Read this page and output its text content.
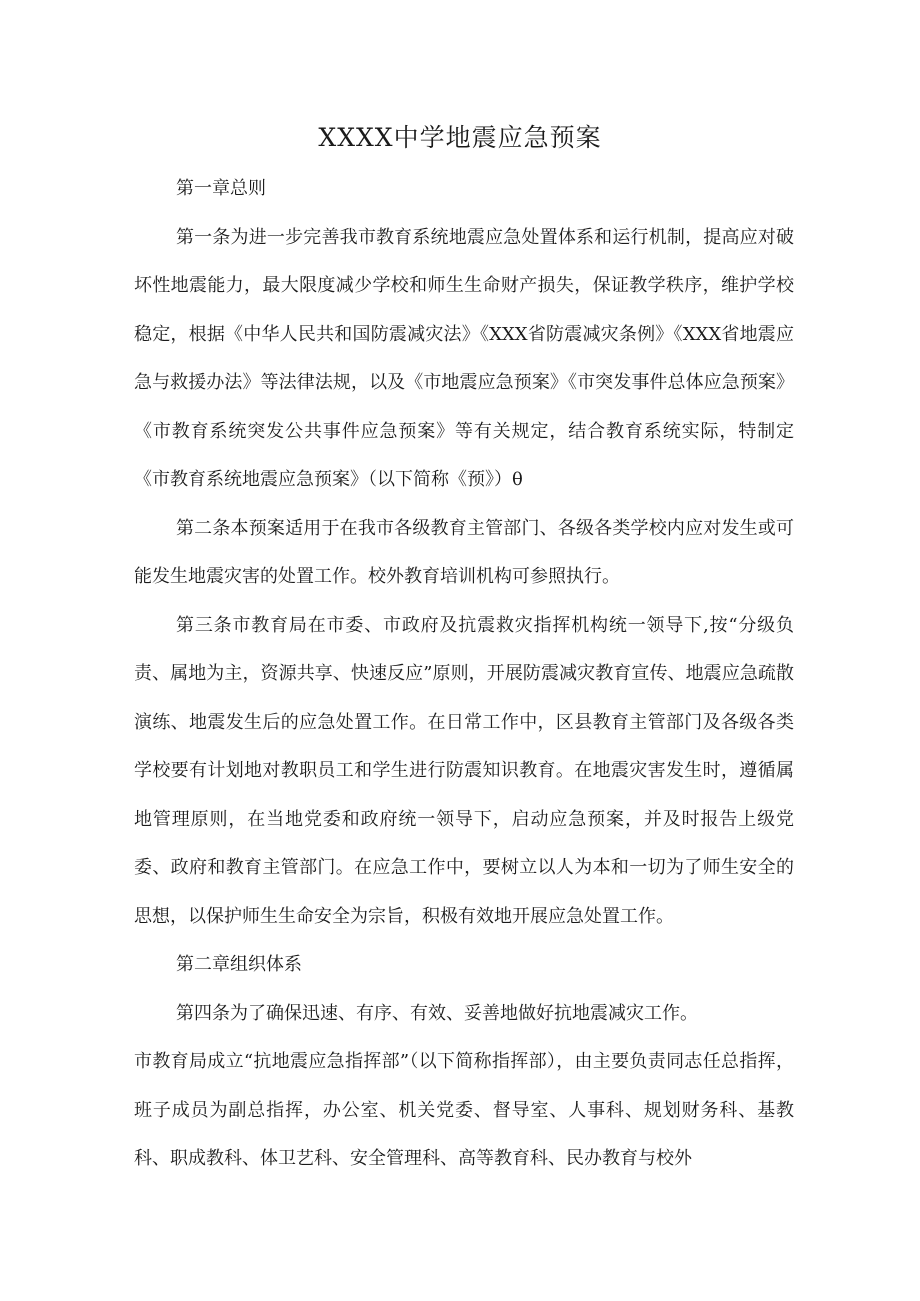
XXXX中学地震应急预案

第一章总则

第一条为进一步完善我市教育系统地震应急处置体系和运行机制，提高应对破坏性地震能力，最大限度减少学校和师生生命财产损失，保证教学秩序，维护学校稳定，根据《中华人民共和国防震减灾法》《XXX省防震减灾条例》《XXX省地震应急与救援办法》等法律法规，以及《市地震应急预案》《市突发事件总体应急预案》《市教育系统突发公共事件应急预案》等有关规定，结合教育系统实际，特制定《市教育系统地震应急预案》（以下简称《预》）θ

第二条本预案适用于在我市各级教育主管部门、各级各类学校内应对发生或可能发生地震灾害的处置工作。校外教育培训机构可参照执行。

第三条市教育局在市委、市政府及抗震救灾指挥机构统一领导下,按“分级负责、属地为主，资源共享、快速反应”原则，开展防震减灾教育宣传、地震应急疏散演练、地震发生后的应急处置工作。在日常工作中，区县教育主管部门及各级各类学校要有计划地对教职员工和学生进行防震知识教育。在地震灾害发生时，遵循属地管理原则，在当地党委和政府统一领导下，启动应急预案，并及时报告上级党委、政府和教育主管部门。在应急工作中，要树立以人为本和一切为了师生安全的思想，以保护师生生命安全为宗旨，积极有效地开展应急处置工作。

第二章组织体系

第四条为了确保迅速、有序、有效、妥善地做好抗地震减灾工作。

市教育局成立“抗地震应急指挥部”（以下简称指挥部），由主要负责同志任总指挥，班子成员为副总指挥，办公室、机关党委、督导室、人事科、规划财务科、基教科、职成教科、体卫艺科、安全管理科、高等教育科、民办教育与校外
